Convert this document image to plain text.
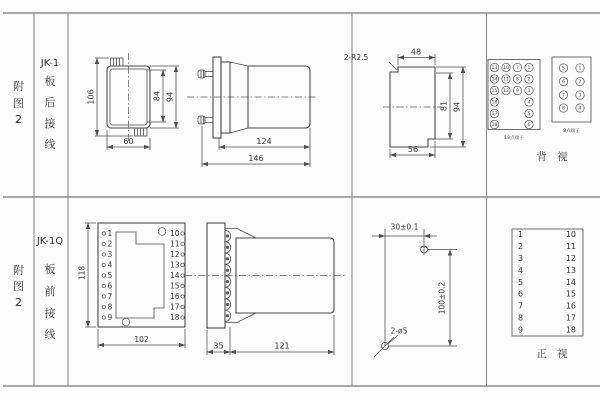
附
图
2
JK-1
板
后
接
线
106	84 94
60	124
146
2-R2.5
48
81 94
56
13 10 7 1
14 11 8 2
15 12 9 3
16	4
17	5
18	6
18点端子
5	1
6	2
7	3
8	4
8点端子
背 视
附
图
2
JK-1Q
板
前
接
线
1
2
3
4
5
6
7
8
9
10
11
12
13
14
15
16
17
18
118
102
35	121
30±0.1
100±0.2
2-ø5
1	10
2	11
3	12
4	13
5	14
6	15
7	16
8	17
9	18
正 视
